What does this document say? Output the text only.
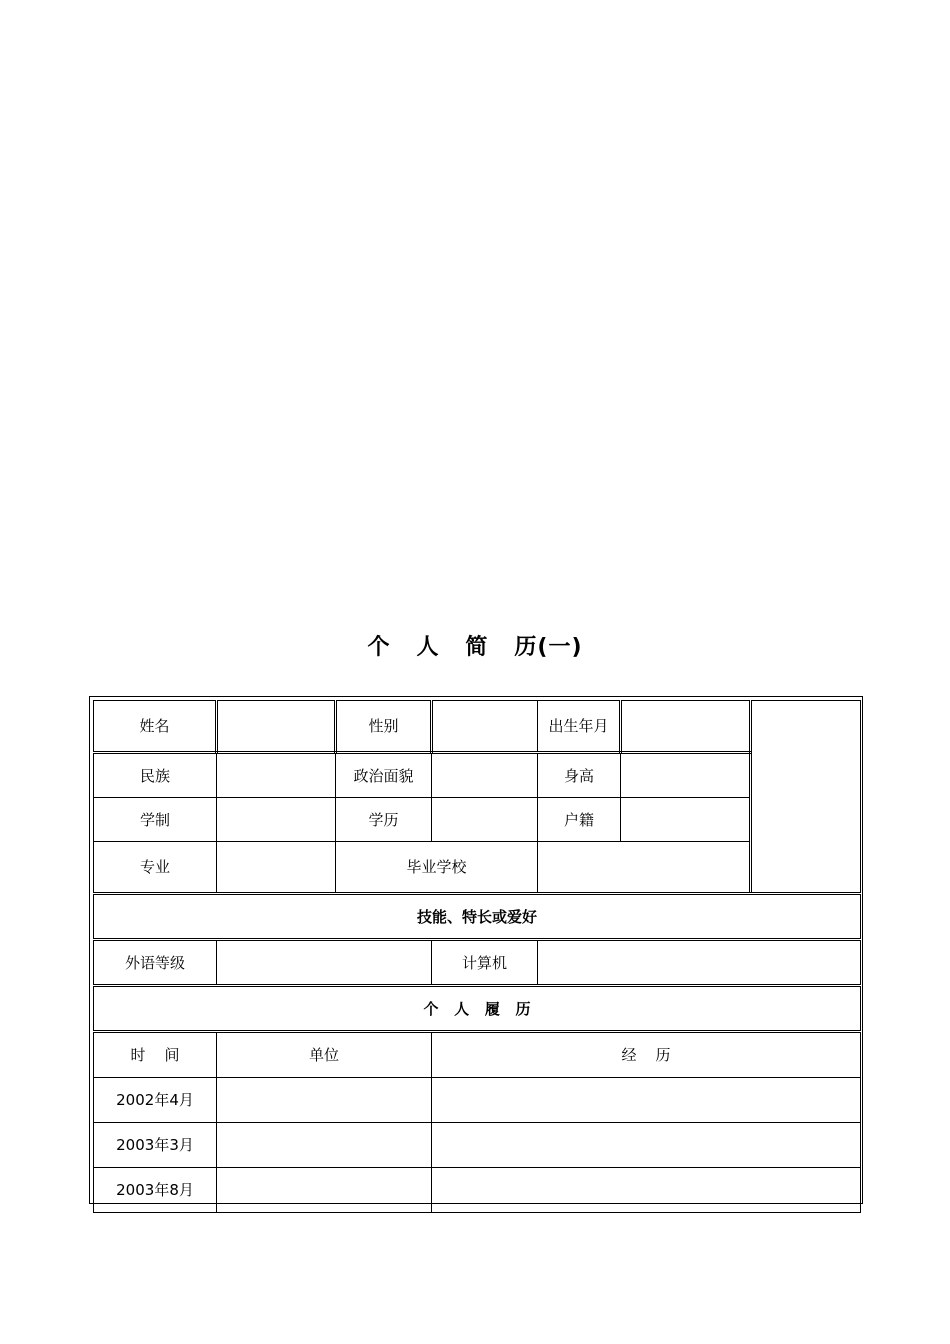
个   人   简   历(一)
姓名		性别		出生年月		
民族		政治面貌		身高		
学制		学历		户籍		
专业		毕业学校				
技能、特长或爱好						
外语等级			计算机			
个   人   履   历						
时    间	单位		经    历			
2002年4月						
2003年3月						
2003年8月						
